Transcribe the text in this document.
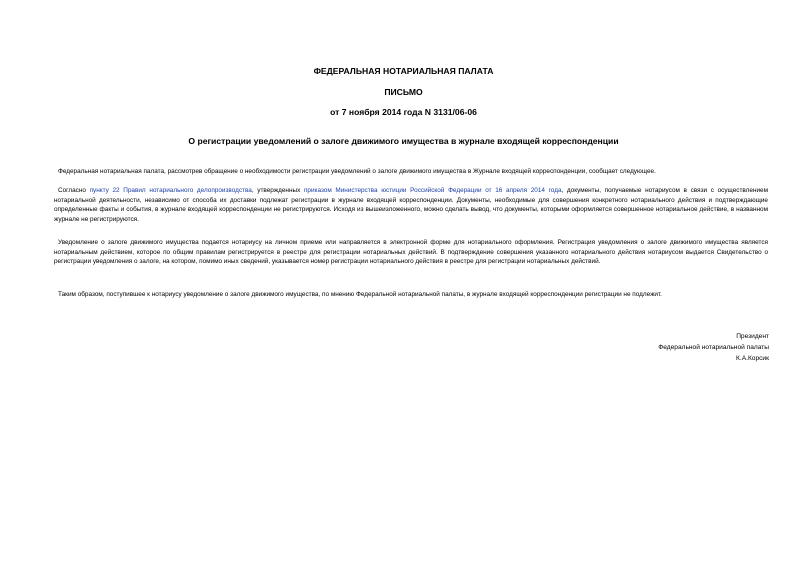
ФЕДЕРАЛЬНАЯ НОТАРИАЛЬНАЯ ПАЛАТА
ПИСЬМО
от 7 ноября 2014 года N 3131/06-06
О регистрации уведомлений о залоге движимого имущества в журнале входящей корреспонденции
Федеральная нотариальная палата, рассмотрев обращение о необходимости регистрации уведомлений о залоге движимого имущества в Журнале входящей корреспонденции, сообщает следующее.
Согласно пункту 22 Правил нотариального делопроизводства, утвержденных приказом Министерства юстиции Российской Федерации от 16 апреля 2014 года, документы, получаемые нотариусом в связи с осуществлением нотариальной деятельности, независимо от способа их доставки подлежат регистрации в журнале входящей корреспонденции. Документы, необходимые для совершения конкретного нотариального действия и подтверждающие определенные факты и события, в журнале входящей корреспонденции не регистрируются. Исходя из вышеизложенного, можно сделать вывод, что документы, которыми оформляется совершенное нотариальное действие, в названном журнале не регистрируются.
Уведомление о залоге движимого имущества подается нотариусу на личном приеме или направляется в электронной форме для нотариального оформления. Регистрация уведомления о залоге движимого имущества является нотариальным действием, которое по общим правилам регистрируется в реестре для регистрации нотариальных действий. В подтверждение совершения указанного нотариального действия нотариусом выдается Свидетельство о регистрации уведомления о залоге, на котором, помимо иных сведений, указывается номер регистрации нотариального действия в реестре для регистрации нотариальных действий.
Таким образом, поступившее к нотариусу уведомление о залоге движимого имущества, по мнению Федеральной нотариальной палаты, в журнале входящей корреспонденции регистрации не подлежит.
Президент
Федеральной нотариальной палаты
К.А.Корсик
